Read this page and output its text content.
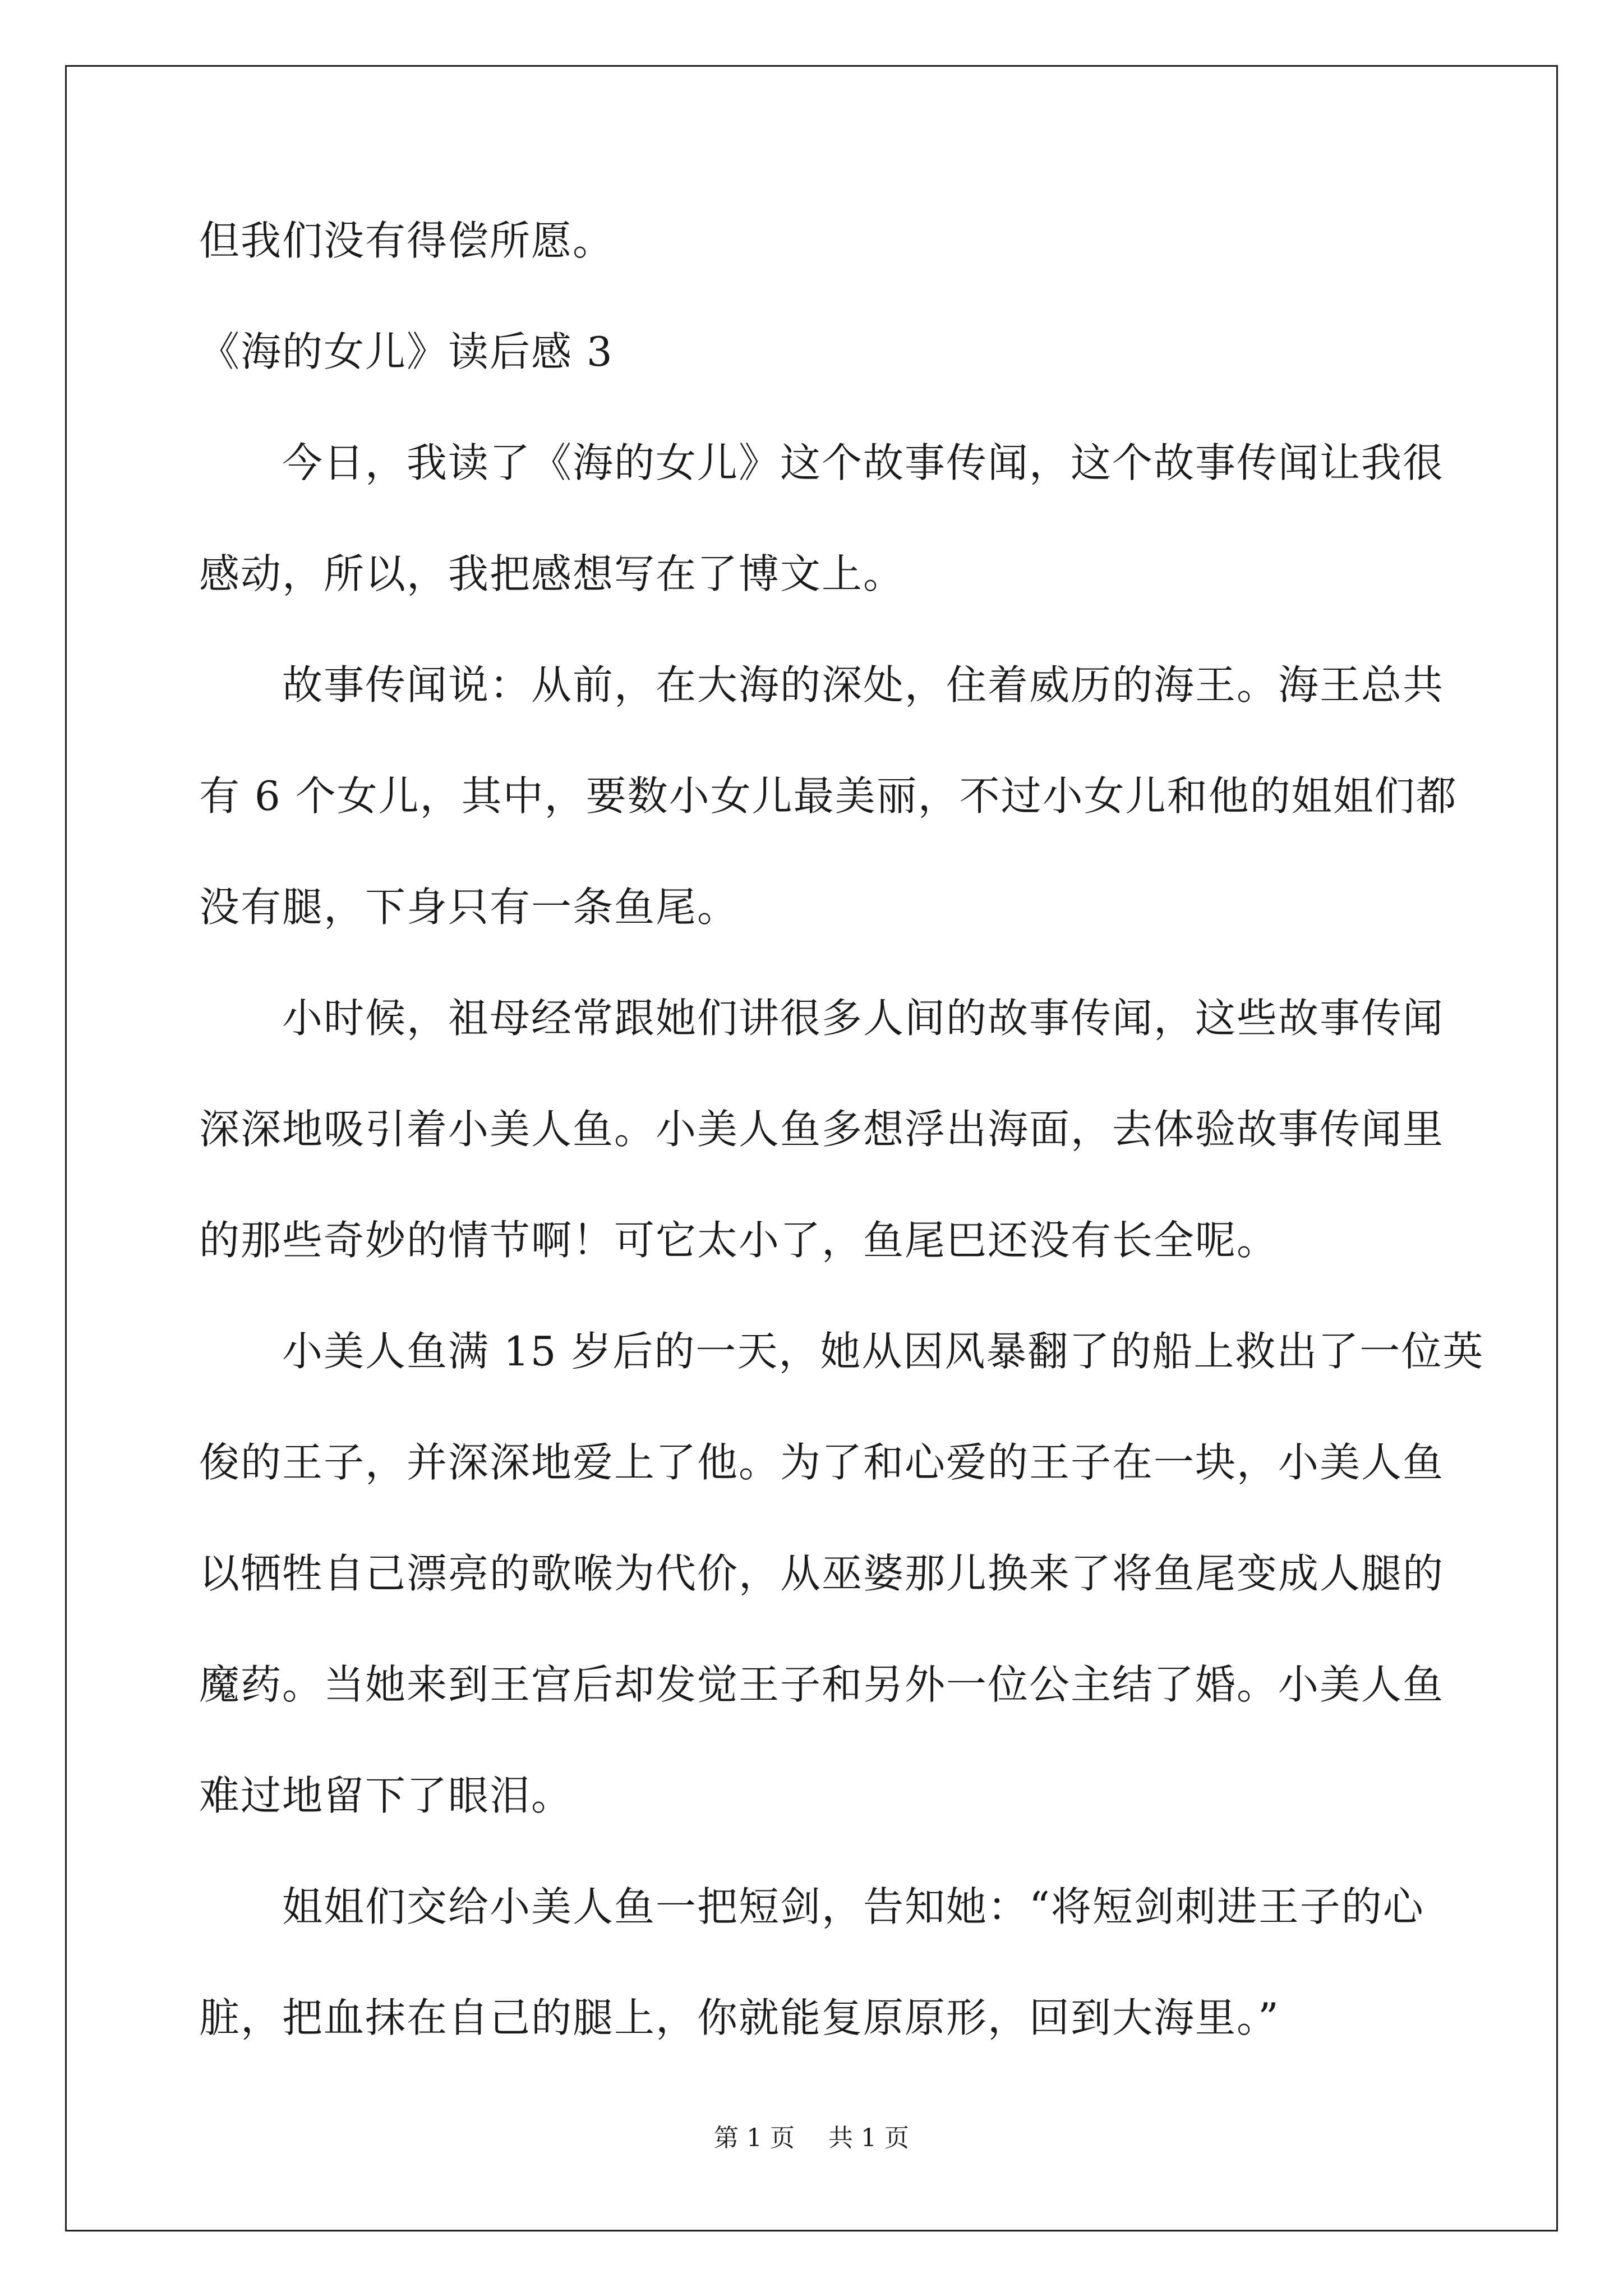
但我们没有得偿所愿。
《海的女儿》读后感 3
今日，我读了《海的女儿》这个故事传闻，这个故事传闻让我很
感动，所以，我把感想写在了博文上。
故事传闻说：从前，在大海的深处，住着威历的海王。海王总共
有 6 个女儿，其中，要数小女儿最美丽，不过小女儿和他的姐姐们都
没有腿，下身只有一条鱼尾。
小时候，祖母经常跟她们讲很多人间的故事传闻，这些故事传闻
深深地吸引着小美人鱼。小美人鱼多想浮出海面，去体验故事传闻里
的那些奇妙的情节啊！可它太小了，鱼尾巴还没有长全呢。
小美人鱼满 15 岁后的一天，她从因风暴翻了的船上救出了一位英
俊的王子，并深深地爱上了他。为了和心爱的王子在一块，小美人鱼
以牺牲自己漂亮的歌喉为代价，从巫婆那儿换来了将鱼尾变成人腿的
魔药。当她来到王宫后却发觉王子和另外一位公主结了婚。小美人鱼
难过地留下了眼泪。
姐姐们交给小美人鱼一把短剑，告知她：“将短剑刺进王子的心
脏，把血抹在自己的腿上，你就能复原原形，回到大海里。”
第 1 页 共 1 页
